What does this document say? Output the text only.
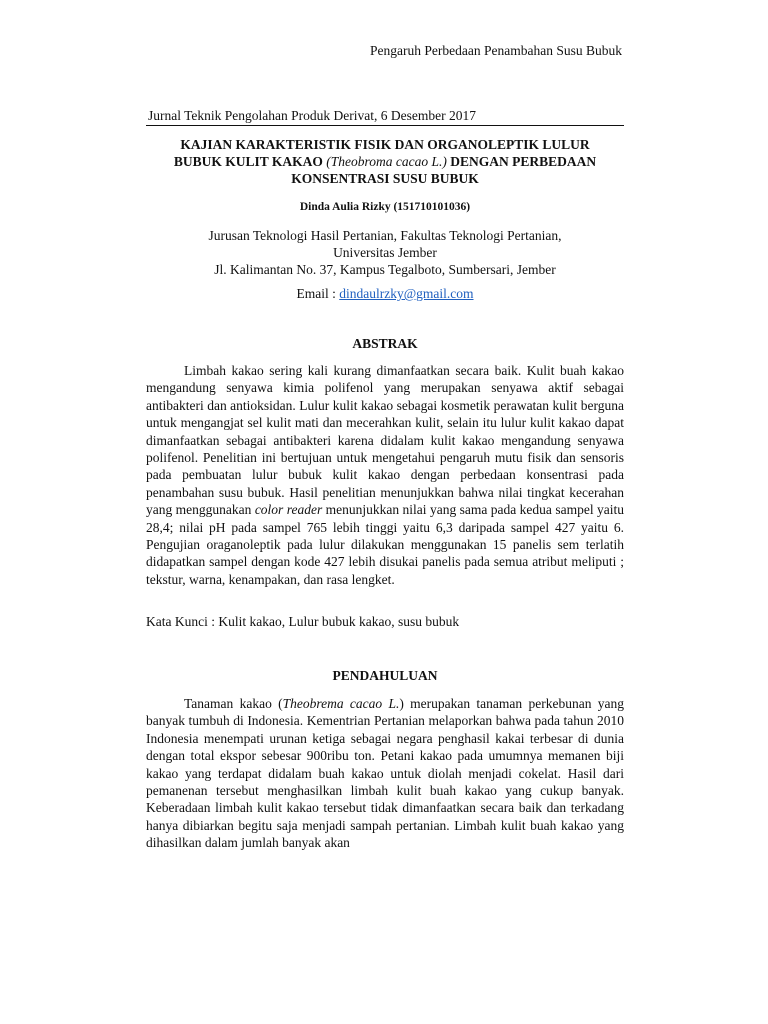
Pengaruh Perbedaan Penambahan Susu Bubuk
Jurnal Teknik Pengolahan Produk Derivat, 6 Desember 2017
KAJIAN KARAKTERISTIK FISIK DAN ORGANOLEPTIK LULUR
BUBUK KULIT KAKAO (Theobroma cacao L.) DENGAN PERBEDAAN
KONSENTRASI SUSU BUBUK
Dinda Aulia Rizky (151710101036)
Jurusan Teknologi Hasil Pertanian, Fakultas Teknologi Pertanian,
Universitas Jember
Jl. Kalimantan No. 37, Kampus Tegalboto, Sumbersari, Jember
Email : dindaulrzky@gmail.com
ABSTRAK

Limbah kakao sering kali kurang dimanfaatkan secara baik. Kulit buah kakao mengandung senyawa kimia polifenol yang merupakan senyawa aktif sebagai antibakteri dan antioksidan. Lulur kulit kakao sebagai kosmetik perawatan kulit berguna untuk mengangjat sel kulit mati dan mecerahkan kulit, selain itu lulur kulit kakao dapat dimanfaatkan sebagai antibakteri karena didalam kulit kakao mengandung senyawa polifenol. Penelitian ini bertujuan untuk mengetahui pengaruh mutu fisik dan sensoris pada pembuatan lulur bubuk kulit kakao dengan perbedaan konsentrasi pada penambahan susu bubuk. Hasil penelitian menunjukkan bahwa nilai tingkat kecerahan yang menggunakan color reader menunjukkan nilai yang sama pada kedua sampel yaitu 28,4; nilai pH pada sampel 765 lebih tinggi yaitu 6,3 daripada sampel 427 yaitu 6. Pengujian oraganoleptik pada lulur dilakukan menggunakan 15 panelis sem terlatih didapatkan sampel dengan kode 427 lebih disukai panelis pada semua atribut meliputi ; tekstur, warna, kenampakan, dan rasa lengket.

Kata Kunci : Kulit kakao, Lulur bubuk kakao, susu bubuk
PENDAHULUAN

Tanaman kakao (Theobrema cacao L.) merupakan tanaman perkebunan yang banyak tumbuh di Indonesia. Kementrian Pertanian melaporkan bahwa pada tahun 2010 Indonesia menempati urunan ketiga sebagai negara penghasil kakai terbesar di dunia dengan total ekspor sebesar 900ribu ton. Petani kakao pada umumnya memanen biji kakao yang terdapat didalam buah kakao untuk diolah menjadi cokelat. Hasil dari pemanenan tersebut menghasilkan limbah kulit buah kakao yang cukup banyak. Keberadaan limbah kulit kakao tersebut tidak dimanfaatkan secara baik dan terkadang hanya dibiarkan begitu saja menjadi sampah pertanian. Limbah kulit buah kakao yang dihasilkan dalam jumlah banyak akan
